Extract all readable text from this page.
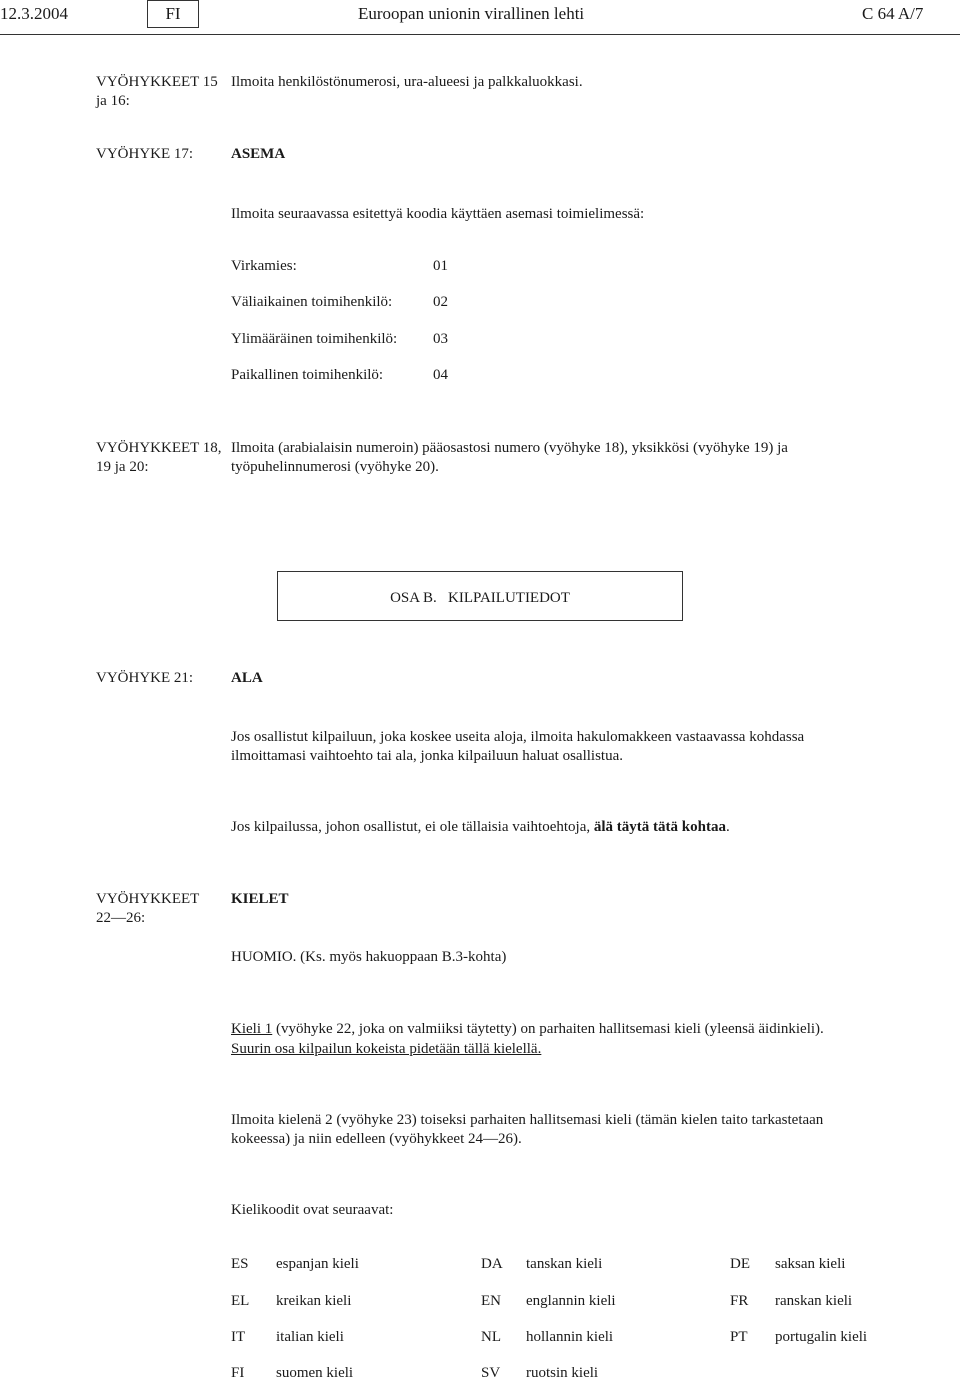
12.3.2004	FI	Euroopan unionin virallinen lehti	C 64 A/7
VYÖHYKKEET 15
ja 16:
Ilmoita henkilöstönumerosi, ura-alueesi ja palkkaluokkasi.
VYÖHYKE 17:	ASEMA
Ilmoita seuraavassa esitettyä koodia käyttäen asemasi toimielimessä:
Virkamies:	01
Väliaikainen toimihenkilö:	02
Ylimääräinen toimihenkilö: 03
Paikallinen toimihenkilö:	04
VYÖHYKKEET 18,
19 ja 20:
Ilmoita (arabialaisin numeroin) pääosastosi numero (vyöhyke 18), yksikkösi (vyöhyke 19) ja
työpuhelinnumerosi (vyöhyke 20).
OSA B.   KILPAILUTIEDOT
VYÖHYKE 21:	ALA
Jos osallistut kilpailuun, joka koskee useita aloja, ilmoita hakulomakkeen vastaavassa kohdassa
ilmoittamasi vaihtoehto tai ala, jonka kilpailuun haluat osallistua.
Jos kilpailussa, johon osallistut, ei ole tällaisia vaihtoehtoja, älä täytä tätä kohtaa.
VYÖHYKKEET
22—26:
KIELET
HUOMIO. (Ks. myös hakuoppaan B.3-kohta)
Kieli 1 (vyöhyke 22, joka on valmiiksi täytetty) on parhaiten hallitsemasi kieli (yleensä äidinkieli).
Suurin osa kilpailun kokeista pidetään tällä kielellä.
Ilmoita kielenä 2 (vyöhyke 23) toiseksi parhaiten hallitsemasi kieli (tämän kielen taito tarkastetaan
kokeessa) ja niin edelleen (vyöhykkeet 24—26).
Kielikoodit ovat seuraavat:
ES espanjan kieli	DA tanskan kieli	DE saksan kieli
EL kreikan kieli	EN englannin kieli	FR ranskan kieli
IT italian kieli	NL hollannin kieli	PT portugalin kieli
FI suomen kieli	SV ruotsin kieli
